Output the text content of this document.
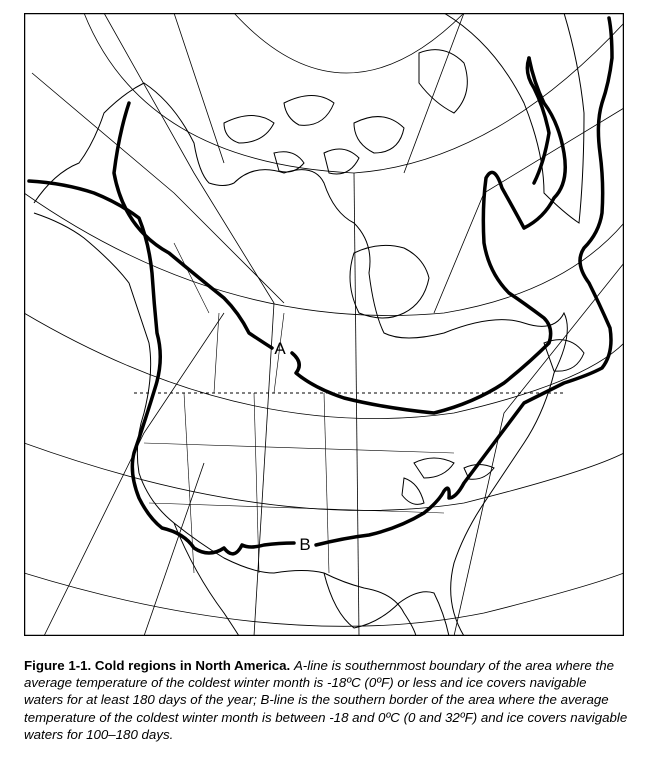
A
B
Figure 1-1. Cold regions in North America. A-line is southernmost boundary of the area where the average temperature of the coldest winter month is -18ºC (0ºF) or less and ice covers navigable waters for at least 180 days of the year; B-line is the southern border of the area where the average temperature of the coldest winter month is between -18 and 0ºC (0 and 32ºF) and ice covers navigable waters for 100–180 days.
